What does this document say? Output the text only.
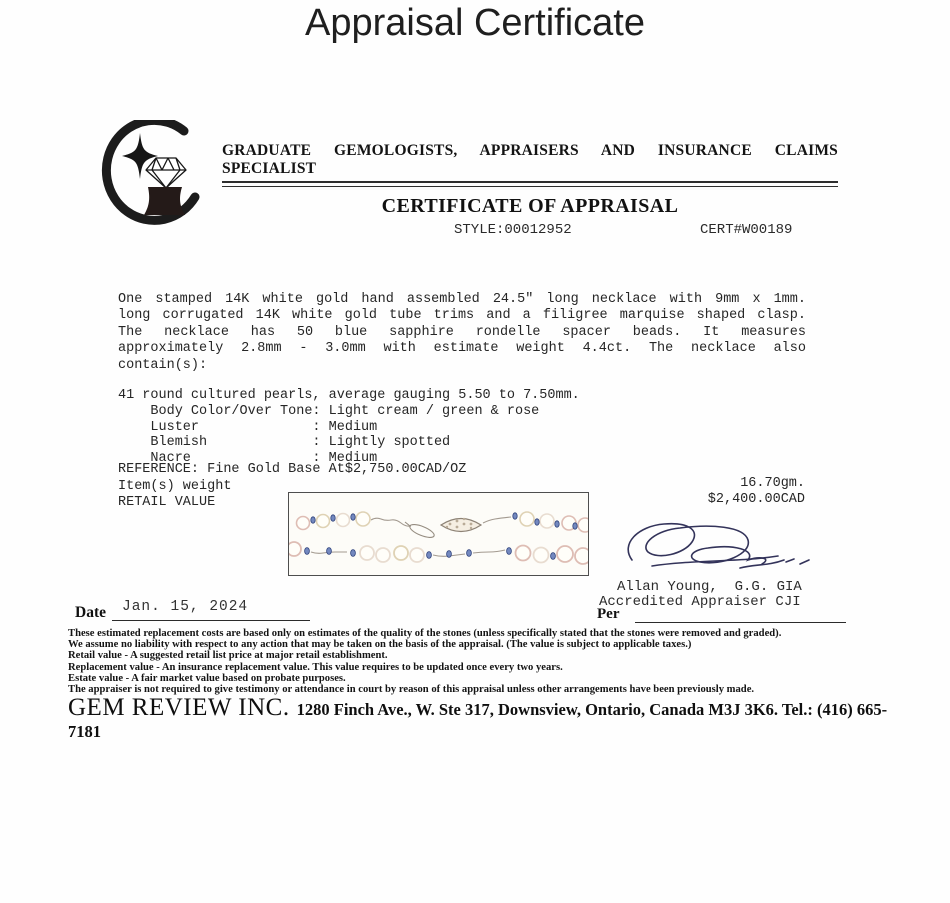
Appraisal Certificate
GRADUATE GEMOLOGISTS, APPRAISERS AND INSURANCE CLAIMS SPECIALIST
CERTIFICATE OF APPRAISAL
STYLE:00012952	CERT#W00189
One stamped 14K white gold hand assembled 24.5" long necklace with 9mm x 1mm.
long corrugated 14K white gold tube trims and a filigree marquise shaped clasp.
The necklace has 50 blue sapphire rondelle spacer beads. It measures
approximately 2.8mm - 3.0mm with estimate weight 4.4ct. The necklace also
contain(s):
41 round cultured pearls, average gauging 5.50 to 7.50mm.
Body Color/Over Tone: Light cream / green & rose
Luster              : Medium
Blemish             : Lightly spotted
Nacre               : Medium
REFERENCE: Fine Gold Base At$2,750.00CAD/OZ
Item(s) weight	16.70gm.
RETAIL VALUE	$2,400.00CAD
Allan Young,  G.G. GIA
Accredited Appraiser CJI
Per
Date Jan. 15, 2024
These estimated replacement costs are based only on estimates of the quality of the stones (unless specifically stated that the stones were removed and graded).
We assume no liability with respect to any action that may be taken on the basis of the appraisal. (The value is subject to applicable taxes.)
Retail value - A suggested retail list price at major retail establishment.
Replacement value - An insurance replacement value. This value requires to be updated once every two years.
Estate value - A fair market value based on probate purposes.
The appraiser is not required to give testimony or attendance in court by reason of this appraisal unless other arrangements have been previously made.
GEM REVIEW INC. 1280 Finch Ave., W. Ste 317, Downsview, Ontario, Canada M3J 3K6. Tel.: (416) 665-7181
